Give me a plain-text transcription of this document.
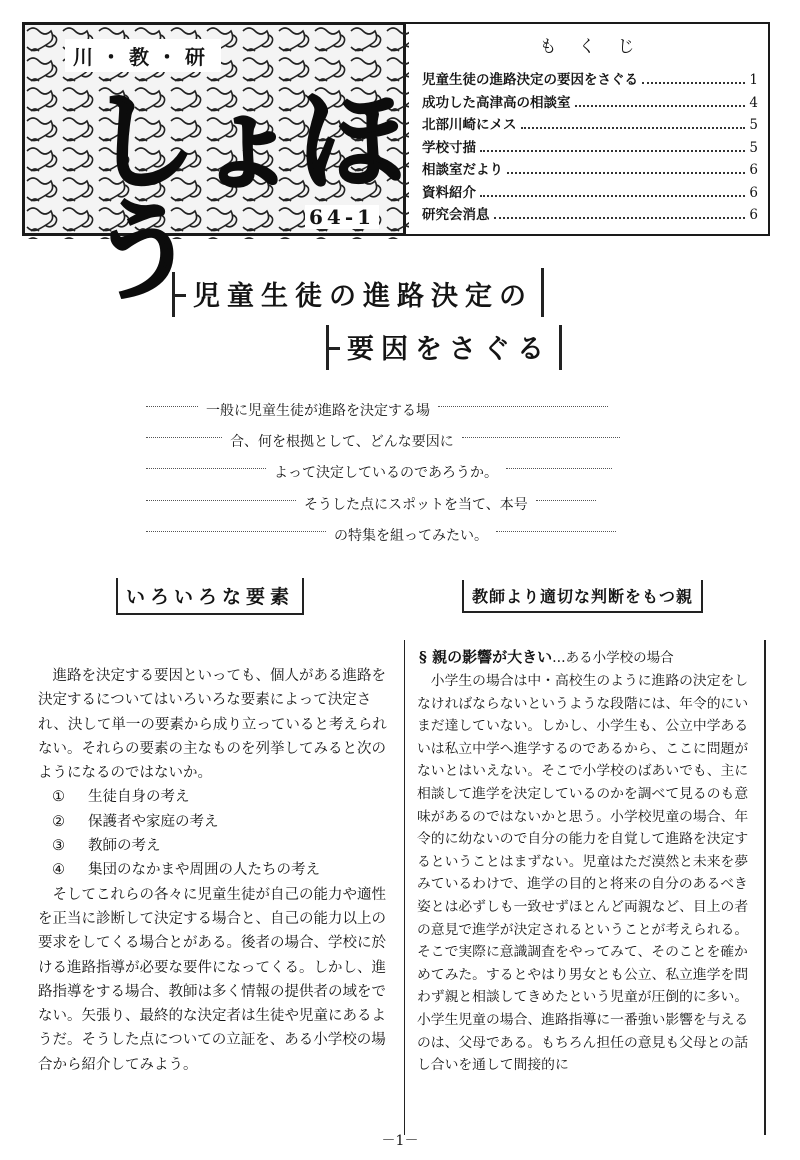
川・教・研
しょほう	64-1
もくじ
児童生徒の進路決定の要因をさぐる	1
成功した高津高の相談室	4
北部川崎にメス	5
学校寸描	5
相談室だより	6
資料紹介	6
研究会消息	6
児童生徒の進路決定の
要因をさぐる
一般に児童生徒が進路を決定する場
合、何を根拠として、どんな要因に
よって決定しているのであろうか。
そうした点にスポットを当て、本号
の特集を組ってみたい。
いろいろな要素	教師より適切な判断をもつ親

進路を決定する要因といっても、個人がある進路を決定するについてはいろいろな要素によって決定され、決して単一の要素から成り立っていると考えられない。それらの要素の主なものを列挙してみると次のようになるのではないか。

①	生徒自身の考え
②	保護者や家庭の考え
③	教師の考え
④	集団のなかまや周囲の人たちの考え

そしてこれらの各々に児童生徒が自己の能力や適性を正当に診断して決定する場合と、自己の能力以上の要求をしてくる場合とがある。後者の場合、学校に於ける進路指導が必要な要件になってくる。しかし、進路指導をする場合、教師は多く情報の提供者の域をでない。矢張り、最終的な決定者は生徒や児童にあるようだ。そうした点についての立証を、ある小学校の場合から紹介してみよう。

§ 親の影響が大きい…ある小学校の場合

小学生の場合は中・高校生のように進路の決定をしなければならないというような段階には、年令的にいまだ達していない。しかし、小学生も、公立中学あるいは私立中学へ進学するのであるから、ここに問題がないとはいえない。そこで小学校のばあいでも、主に相談して進学を決定しているのかを調べて見るのも意味があるのではないかと思う。小学校児童の場合、年令的に幼ないので自分の能力を自覚して進路を決定するということはまずない。児童はただ漠然と未来を夢みているわけで、進学の目的と将来の自分のあるべき姿とは必ずしも一致せずほとんど両親など、目上の者の意見で進学が決定されるということが考えられる。そこで実際に意識調査をやってみて、そのことを確かめてみた。するとやはり男女とも公立、私立進学を問わず親と相談してきめたという児童が圧倒的に多い。小学生児童の場合、進路指導に一番強い影響を与えるのは、父母である。もちろん担任の意見も父母との話し合いを通して間接的に

－1－
